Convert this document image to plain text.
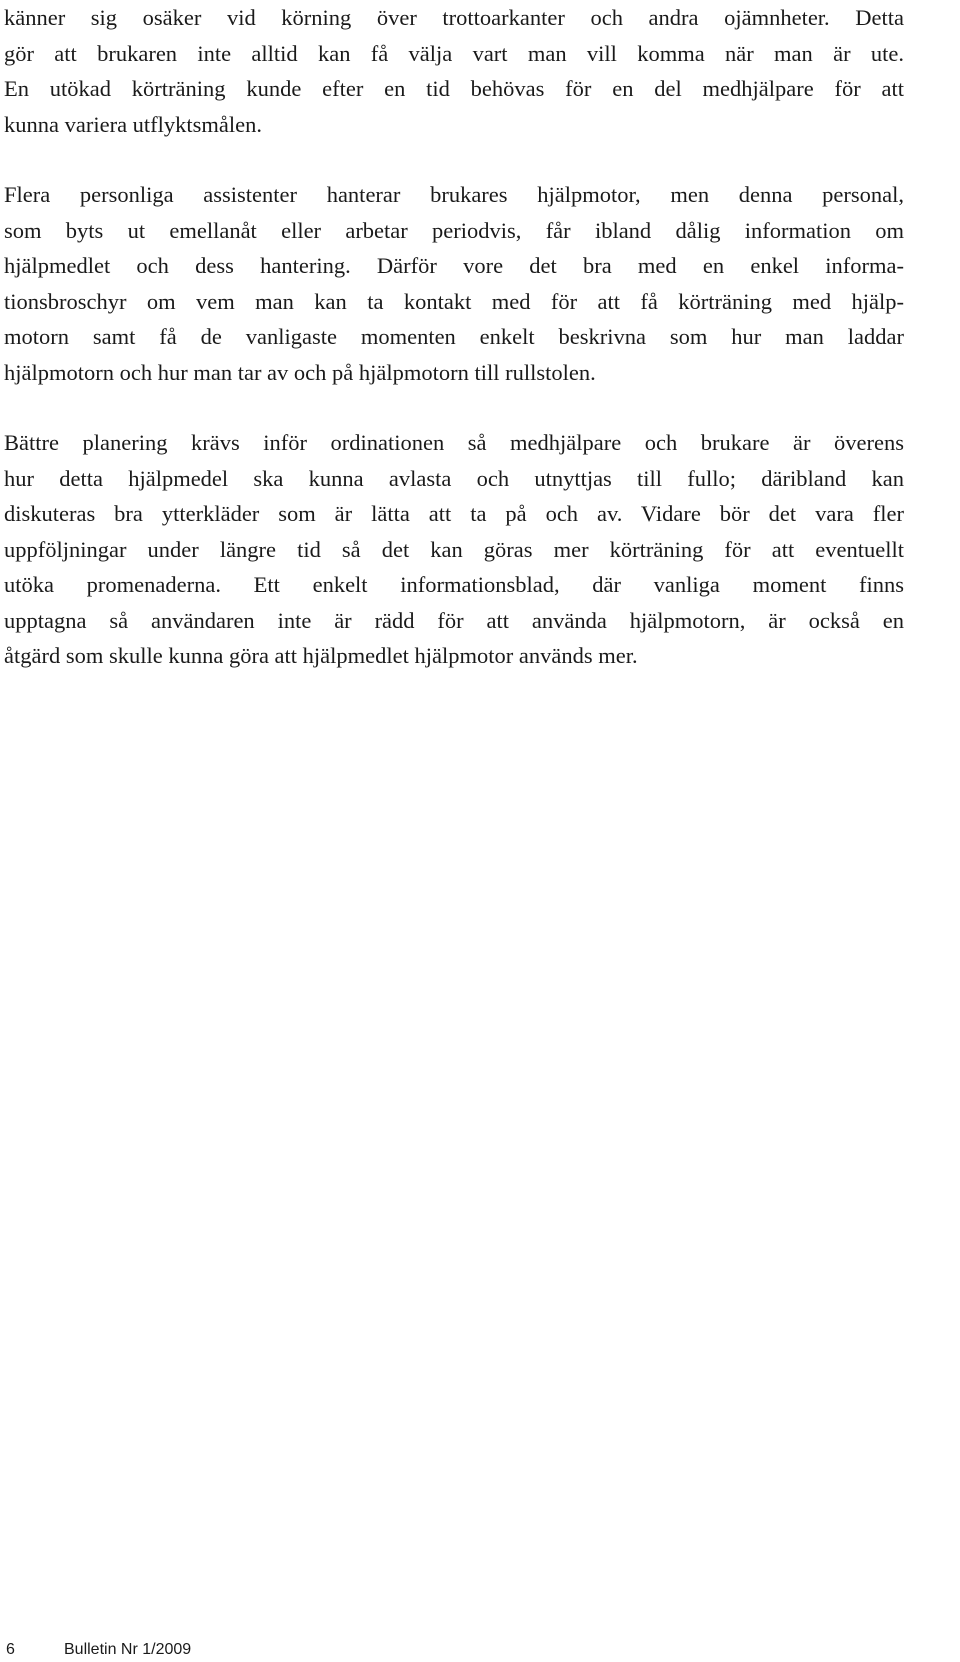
känner sig osäker vid körning över trottoarkanter och andra ojämnheter. Detta
gör att brukaren inte alltid kan få välja vart man vill komma när man är ute.
En utökad körträning kunde efter en tid behövas för en del medhjälpare för att
kunna variera utflyktsmålen.
Flera personliga assistenter hanterar brukares hjälpmotor, men denna personal,
som byts ut emellanåt eller arbetar periodvis, får ibland dålig information om
hjälpmedlet och dess hantering. Därför vore det bra med en enkel informa-
tionsbroschyr om vem man kan ta kontakt med för att få körträning med hjälp-
motorn samt få de vanligaste momenten enkelt beskrivna som hur man laddar
hjälpmotorn och hur man tar av och på hjälpmotorn till rullstolen.
Bättre planering krävs inför ordinationen så medhjälpare och brukare är överens
hur detta hjälpmedel ska kunna avlasta och utnyttjas till fullo; däribland kan
diskuteras bra ytterkläder som är lätta att ta på och av. Vidare bör det vara fler
uppföljningar under längre tid så det kan göras mer körträning för att eventuellt
utöka promenaderna. Ett enkelt informationsblad, där vanliga moment finns
upptagna så användaren inte är rädd för att använda hjälpmotorn, är också en
åtgärd som skulle kunna göra att hjälpmedlet hjälpmotor används mer.
6	Bulletin Nr 1/2009
